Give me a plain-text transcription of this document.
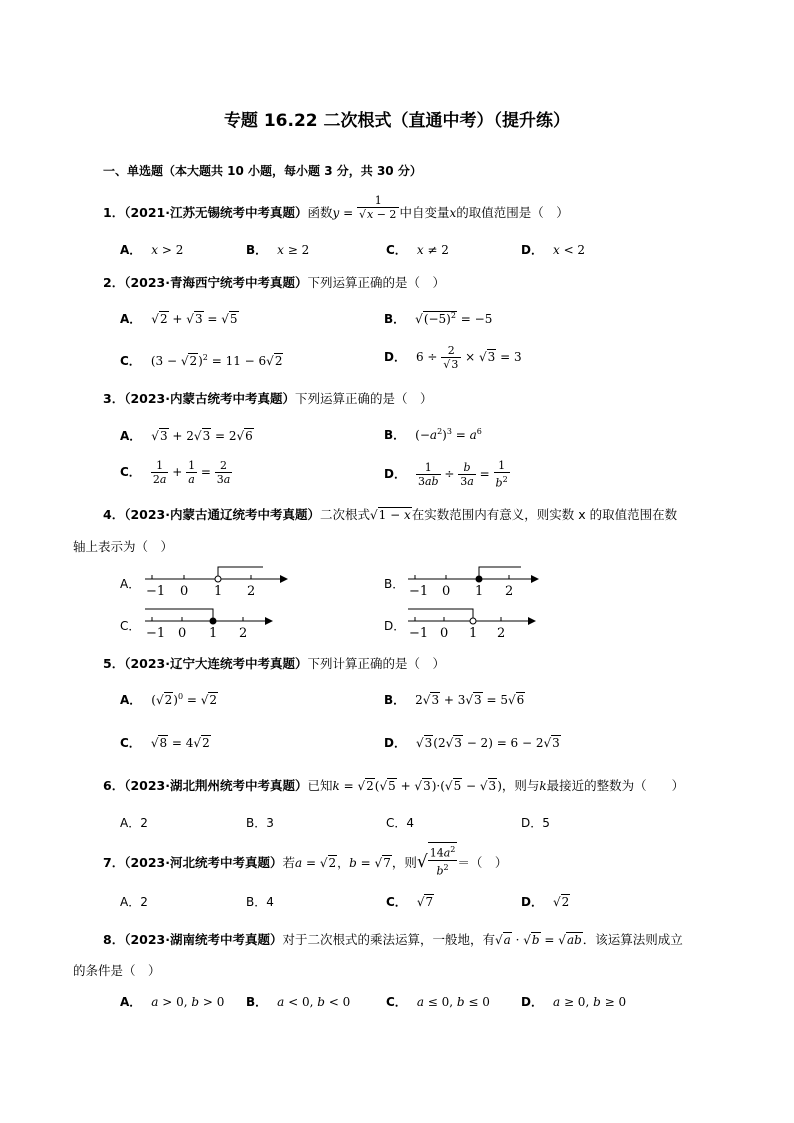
专题 16.22 二次根式（直通中考）（提升练）
一、单选题（本大题共 10 小题，每小题 3 分，共 30 分）
1．（2021·江苏无锡统考中考真题）函数$y = \frac{1}{√x - 2}$ 中自变量x的取值范围是（　）
A． x > 2	B． x ≥ 2	C． x ≠ 2	D． x < 2
2．（2023·青海西宁统考中考真题）下列运算正确的是（　）
A． √2 + √3 = √5	B． $√(-5)^2 = -5$
C． $(3 - √2)^2 = 11 - 6√2$	D． $6 \div \frac{2}{√3} \times √3 = 3$
3．（2023·内蒙古统考中考真题）下列运算正确的是（　）
A． √3 + 2√3 = 2√6	B． $(-a^2)^3 = a^6$
C． $\frac{1}{2a} + \frac{1}{a} = \frac{2}{3a}$	D． $\frac{1}{3ab} \div \frac{b}{3a} = \frac{1}{b^2}$
4．（2023·内蒙古通辽统考中考真题）二次根式√1 − x在实数范围内有意义，则实数 x 的取值范围在数
轴上表示为（　）
A． −1 0 1 2	B． −1 0 1 2
C． −1 0 1 2	D． −1 0 1 2
5．（2023·辽宁大连统考中考真题）下列计算正确的是（　）
A． $(√2)^0 = √2$	B． 2√3 + 3√3 = 5√6
C． √8 = 4√2	D． √3(2√3 − 2) = 6 − 2√3
6．（2023·湖北荆州统考中考真题）已知k = √2(√5 + √3)·(√5 − √3)，则与k最接近的整数为（　　）
A．2	B．3	C．4	D．5
7．（2023·河北统考中考真题）若a = √2，b = √7，则√ $\frac{14a^2}{b^2}$ ＝（　）
A．2	B．4	C． √7	D． √2
8．（2023·湖南统考中考真题）对于二次根式的乘法运算，一般地，有√a · √b = √ab．该运算法则成立
的条件是（　）
A． a > 0, b > 0 B． a < 0, b < 0	C． a ≤ 0, b ≤ 0	D． a ≥ 0, b ≥ 0
